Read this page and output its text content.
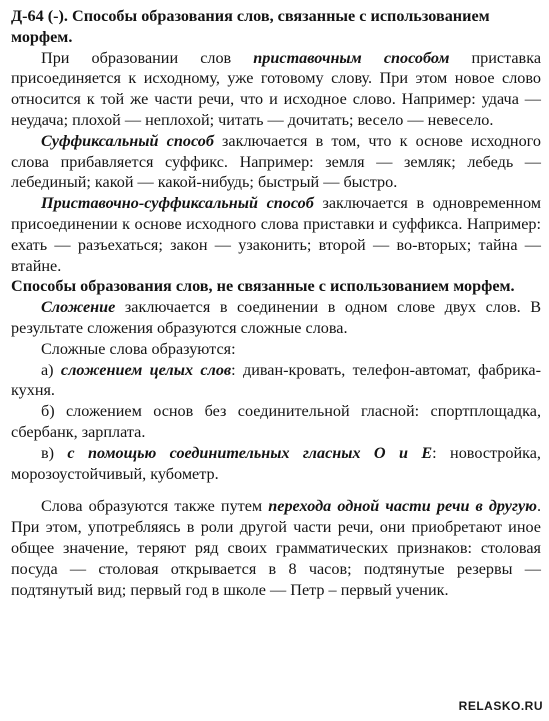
Д-64 (-). Способы образования слов, связанные с использованием морфем.

При образовании слов приставочным способом приставка присоединяется к исходному, уже готовому слову. При этом новое слово относится к той же части речи, что и исходное слово. Например: удача — неудача; плохой — неплохой; читать — дочитать; весело — невесело.

Суффиксальный способ заключается в том, что к основе исходного слова прибавляется суффикс. Например: земля — земляк; лебедь — лебединый; какой — какой-нибудь; быстрый — быстро.

Приставочно-суффиксальный способ заключается в одновременном присоединении к основе исходного слова приставки и суффикса. Например: ехать — разъехаться; закон — узаконить; второй — во-вторых; тайна — втайне.

Способы образования слов, не связанные с использованием морфем.

Сложение заключается в соединении в одном слове двух слов. В результате сложения образуются сложные слова.

Сложные слова образуются:

а) сложением целых слов: диван-кровать, телефон-автомат, фабрика-кухня.

б) сложением основ без соединительной гласной: спортплощадка, сбербанк, зарплата.

в) с помощью соединительных гласных О и Е: новостройка, морозоустойчивый, кубометр.

Слова образуются также путем перехода одной части речи в другую. При этом, употребляясь в роли другой части речи, они приобретают иное общее значение, теряют ряд своих грамматических признаков: столовая посуда — столовая открывается в 8 часов; подтянутые резервы — подтянутый вид; первый год в школе — Петр – первый ученик.

RELASKO.RU
